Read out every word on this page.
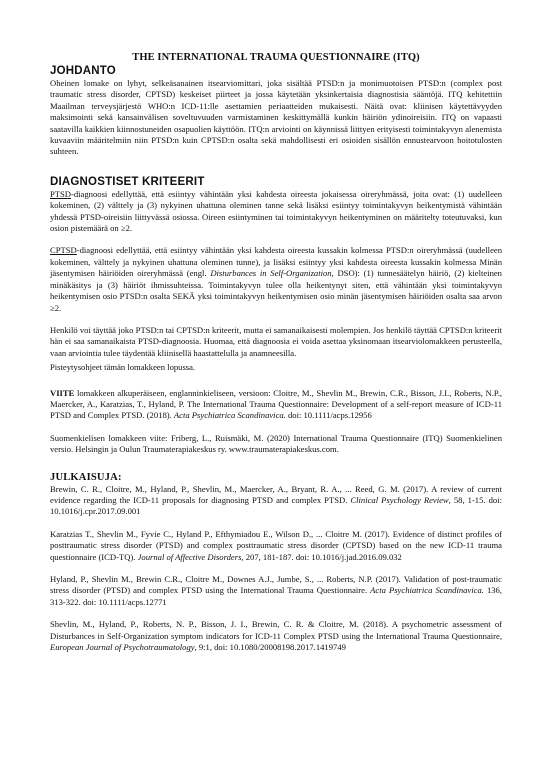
THE INTERNATIONAL TRAUMA QUESTIONNAIRE (ITQ)
JOHDANTO

Oheinen lomake on lyhyt, selkeäsanainen itsearviomittari, joka sisältää PTSD:n ja monimuotoisen PTSD:n (complex post traumatic stress disorder, CPTSD) keskeiset piirteet ja jossa käytetään yksinkertaisia diagnostisia sääntöjä. ITQ kehitettiin Maailman terveysjärjestö WHO:n ICD-11:lle asettamien periaatteiden mukaisesti. Näitä ovat: kliinisen käytettävyyden maksimointi sekä kansainvälisen soveltuvuuden varmistaminen keskittymällä kunkin häiriön ydinoireisiin. ITQ on vapaasti saatavilla kaikkien kiinnostuneiden osapuolien käyttöön. ITQ:n arviointi on käynnissä liittyen erityisesti toimintakyvyn alenemista kuvaaviin määritelmiin niin PTSD:n kuin CPTSD:n osalta sekä mahdollisesti eri osioiden sisällön ennustearvoon hoitotulosten suhteen.

DIAGNOSTISET KRITEERIT

PTSD-diagnoosi edellyttää, että esiintyy vähintään yksi kahdesta oireesta jokaisessa oireryhmässä, joita ovat: (1) uudelleen kokeminen, (2) välttely ja (3) nykyinen uhattuna oleminen tanne sekä lisäksi esiintyy toimintakyvyn heikentymistä vähintään yhdessä PTSD-oireisiin liittyvässä osiossa. Oireen esiintyminen tai toimintakyvyn heikentyminen on määritelty toteutuvaksi, kun osion pistemäärä on ≥2.

CPTSD-diagnoosi edellyttää, että esiintyy vähintään yksi kahdesta oireesta kussakin kolmessa PTSD:n oireryhmässä (uudelleen kokeminen, välttely ja nykyinen uhattuna oleminen tunne), ja lisäksi esiintyy yksi kahdesta oireesta kussakin kolmessa Minän jäsentymisen häiriöiden oireryhmässä (engl. Disturbances in Self-Organization, DSO): (1) tunnesäätelyn häiriö, (2) kielteinen minäkäsitys ja (3) häiriöt ihmissuhteissa. Toimintakyvyn tulee olla heikentynyt siten, että vähintään yksi toimintakyvyn heikentymisen osio PTSD:n osalta SEKÄ yksi toimintakyvyn heikentymisen osio minän jäsentymisen häiriöiden osalta saa arvon ≥2.

Henkilö voi täyttää joko PTSD:n tai CPTSD:n kriteerit, mutta ei samanaikaisesti molempien. Jos henkilö täyttää CPTSD:n kriteerit hän ei saa samanaikaista PTSD-diagnoosia. Huomaa, että diagnoosia ei voida asettaa yksinomaan itsearviolomakkeen perusteella, vaan arviointia tulee täydentää kliinisellä haastattelulla ja anamneesilla.

Pisteytysohjeet tämän lomakkeen lopussa.

VIITE lomakkeen alkuperäiseen, englanninkieliseen, versioon: Cloitre, M., Shevlin M., Brewin, C.R., Bisson, J.I., Roberts, N.P., Maercker, A., Karatzias, T., Hyland, P. The International Trauma Questionnaire: Development of a self-report measure of ICD-11 PTSD and Complex PTSD. (2018). Acta Psychiatrica Scandinavica. doi: 10.1111/acps.12956

Suomenkielisen lomakkeen viite: Friberg, L., Ruismäki, M. (2020) International Trauma Questionnaire (ITQ) Suomenkielinen versio. Helsingin ja Oulun Traumaterapiakeskus ry. www.traumaterapiakeskus.com.

JULKAISUJA:

Brewin, C. R., Cloitre, M., Hyland, P., Shevlin, M., Maercker, A., Bryant, R. A., ... Reed, G. M. (2017). A review of current evidence regarding the ICD-11 proposals for diagnosing PTSD and complex PTSD. Clinical Psychology Review, 58, 1-15. doi: 10.1016/j.cpr.2017.09.001

Karatzias T., Shevlin M., Fyvie C., Hyland P., Efthymiadou E., Wilson D., ... Cloitre M. (2017). Evidence of distinct profiles of posttraumatic stress disorder (PTSD) and complex posttraumatic stress disorder (CPTSD) based on the new ICD-11 trauma questionnaire (ICD-TQ). Journal of Affective Disorders, 207, 181-187. doi: 10.1016/j.jad.2016.09.032

Hyland, P., Shevlin M., Brewin C.R., Cloitre M., Downes A.J., Jumbe, S., ... Roberts, N.P. (2017). Validation of post-traumatic stress disorder (PTSD) and complex PTSD using the International Trauma Questionnaire. Acta Psychiatrica Scandinavica. 136, 313-322. doi: 10.1111/acps.12771

Shevlin, M., Hyland, P., Roberts, N. P., Bisson, J. I., Brewin, C. R. & Cloitre, M. (2018). A psychometric assessment of Disturbances in Self-Organization symptom indicators for ICD-11 Complex PTSD using the International Trauma Questionnaire, European Journal of Psychotraumatology, 9:1, doi: 10.1080/20008198.2017.1419749
